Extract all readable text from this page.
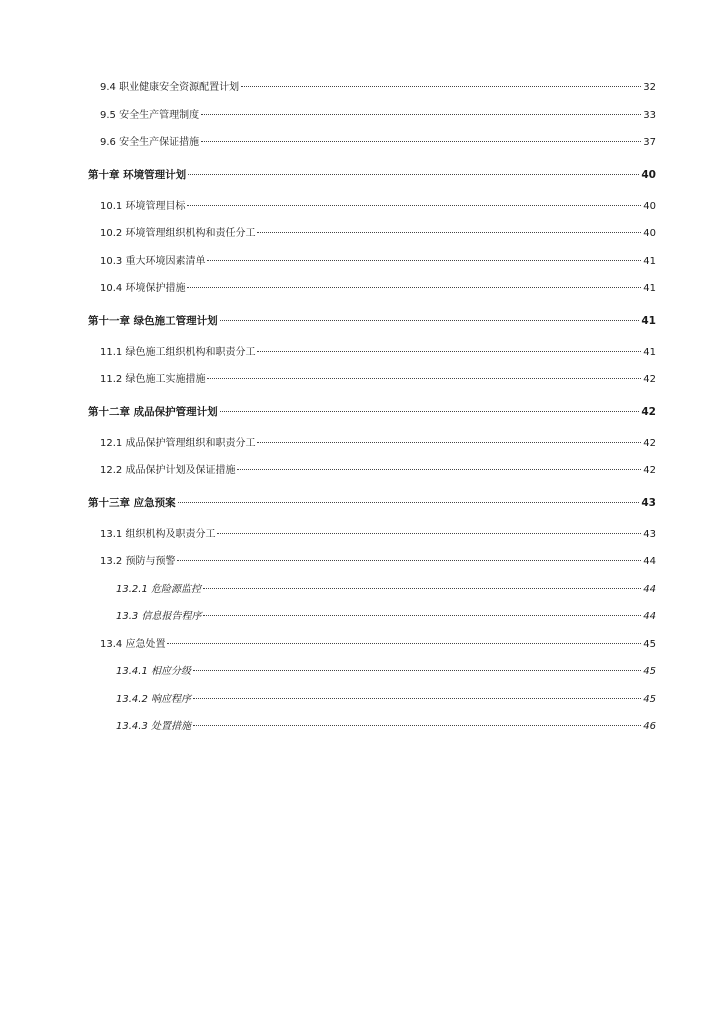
9.4 职业健康安全资源配置计划	32
9.5 安全生产管理制度	33
9.6 安全生产保证措施	37
第十章 环境管理计划	40
10.1 环境管理目标	40
10.2 环境管理组织机构和责任分工	40
10.3 重大环境因素清单	41
10.4 环境保护措施	41
第十一章 绿色施工管理计划	41
11.1 绿色施工组织机构和职责分工	41
11.2 绿色施工实施措施	42
第十二章 成品保护管理计划	42
12.1 成品保护管理组织和职责分工	42
12.2 成品保护计划及保证措施	42
第十三章 应急预案	43
13.1 组织机构及职责分工	43
13.2 预防与预警	44
13.2.1 危险源监控	44
13.3 信息报告程序	44
13.4 应急处置	45
13.4.1 相应分级	45
13.4.2 响应程序	45
13.4.3 处置措施	46
